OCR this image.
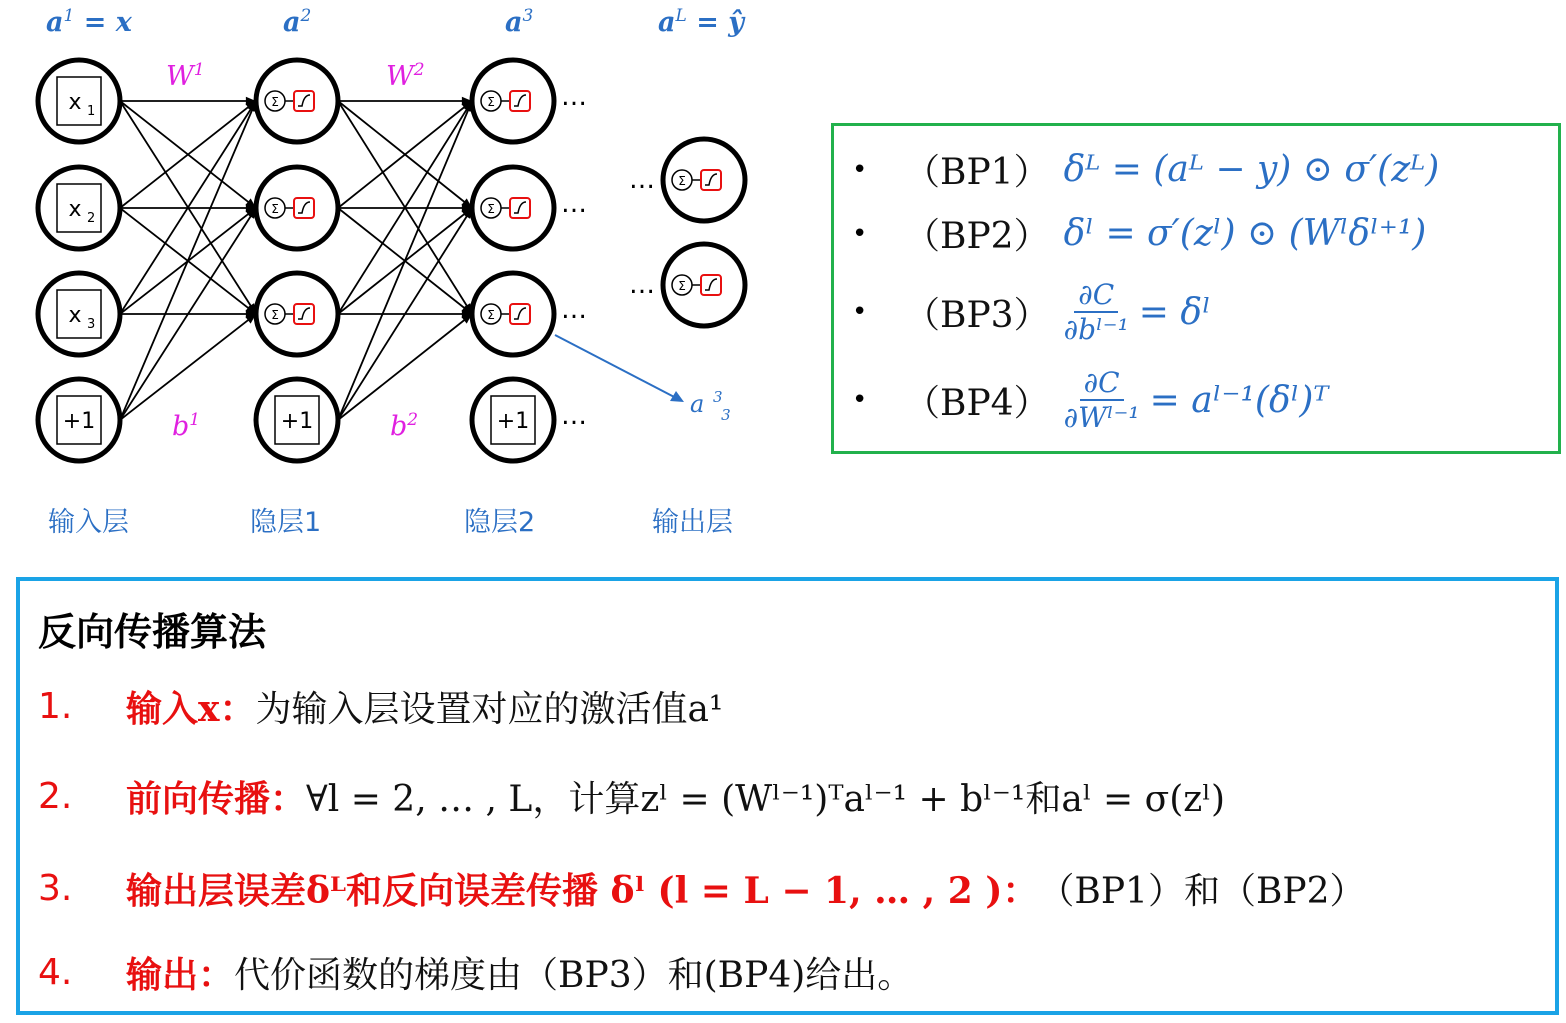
x 1
x 2
x 3
+1
Σ
Σ
Σ
+1
Σ	…
Σ	…
Σ	…
+1 …
Σ
…
Σ
…
a $^3$ 3
$a^1 = x$	$a^2$	$a^3$	$a^L$ = ŷ
$W^1$	$W^2$
$b^1$	$b^2$
输入层	隐层1	隐层2	输出层
•	（BP1） δᴸ = (aᴸ − y) ⊙ σ′(zᴸ)
•	（BP2） δˡ = σ′(zˡ) ⊙ (Wˡδˡ⁺¹)
•	$(BP3) \frac{\partial C}{\text{∂bˡ⁻¹}}$ = δˡ
•	$(BP4) \frac{\partial C}{\text{∂Wˡ⁻¹}}$ = aˡ⁻¹(δˡ)ᵀ
反向传播算法
1.	输入x： 为输入层设置对应的激活值a¹
2.	前向传播： ∀l = 2, … , L，计算zˡ = (Wˡ⁻¹)ᵀaˡ⁻¹ + bˡ⁻¹和aˡ = σ(zˡ)
3.	输出层误差δᴸ和反向误差传播 δˡ (l = L − 1, … , 2 )： （BP1）和（BP2）
4.	输出： 代价函数的梯度由（BP3）和(BP4)给出。
